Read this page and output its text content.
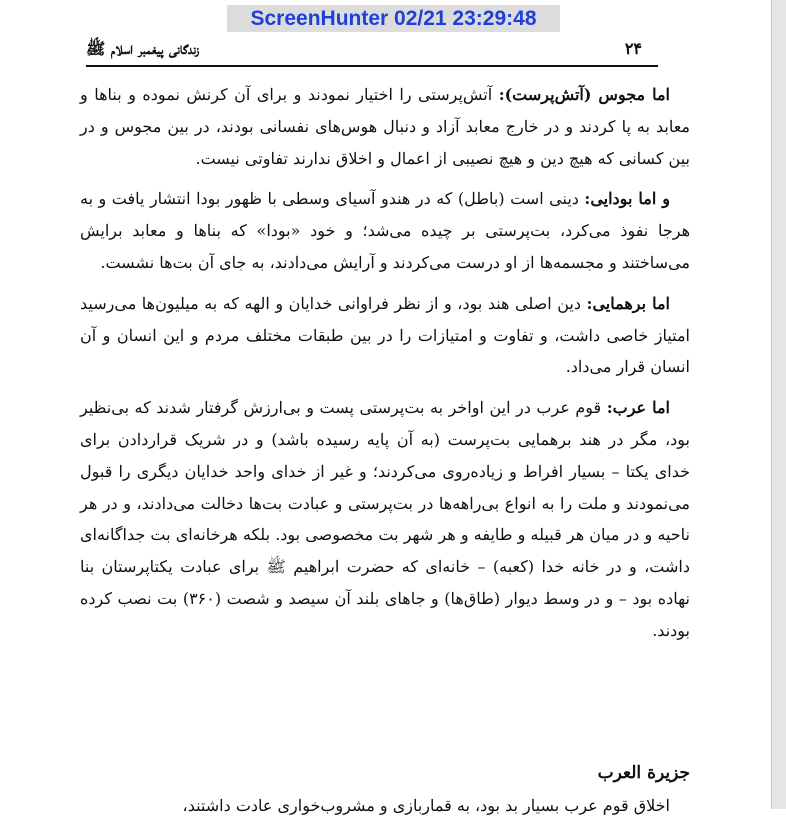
ScreenHunter 02/21 23:29:48
۲۴
زندگانی پیغمبر اسلام ﷺ

اما مجوس (آتش‌پرست): آتش‌پرستی را اختیار نمودند و برای آن کرنش نموده و بناها و معابد به پا کردند و در خارج معابد آزاد و دنبال هوس‌های نفسانی بودند، در بین مجوس و در بین کسانی که هیچ دین و هیچ نصیبی از اعمال و اخلاق ندارند تفاوتی نیست.

و اما بودایی: دینی است (باطل) که در هندو آسیای وسطی با ظهور بودا انتشار یافت و به هرجا نفوذ می‌کرد، بت‌پرستی بر چیده می‌شد؛ و خود «بودا» که بناها و معابد برایش می‌ساختند و مجسمه‌ها از او درست می‌کردند و آرایش می‌دادند، به جای آن بت‌ها نشست.

اما برهمایی: دین اصلی هند بود، و از نظر فراوانی خدایان و الهه که به میلیون‌ها می‌رسید امتیاز خاصی داشت، و تفاوت و امتیازات را در بین طبقات مختلف مردم و این انسان و آن انسان قرار می‌داد.

اما عرب: قوم عرب در این اواخر به بت‌پرستی پست و بی‌ارزش گرفتار شدند که بی‌نظیر بود، مگر در هند برهمایی بت‌پرست (به آن پایه رسیده باشد) و در شریک قراردادن برای خدای یکتا – بسیار افراط و زیاده‌روی می‌کردند؛ و غیر از خدای واحد خدایان دیگری را قبول می‌نمودند و ملت را به انواع بی‌راهه‌ها در بت‌پرستی و عبادت بت‌ها دخالت می‌دادند، و در هر ناحیه و در میان هر قبیله و طایفه و هر شهر بت مخصوصی بود. بلکه هرخانه‌ای بت جداگانه‌ای داشت، و در خانه خدا (کعبه) – خانه‌ای که حضرت ابراهیم ﷺ برای عبادت یکتاپرستان بنا نهاده بود – و در وسط دیوار (طاق‌ها) و جاهای بلند آن سیصد و شصت (۳۶۰) بت نصب کرده بودند.

جزیرة العرب

اخلاق قوم عرب بسیار بد بود، به قماربازی و مشروب‌خواری عادت داشتند،
